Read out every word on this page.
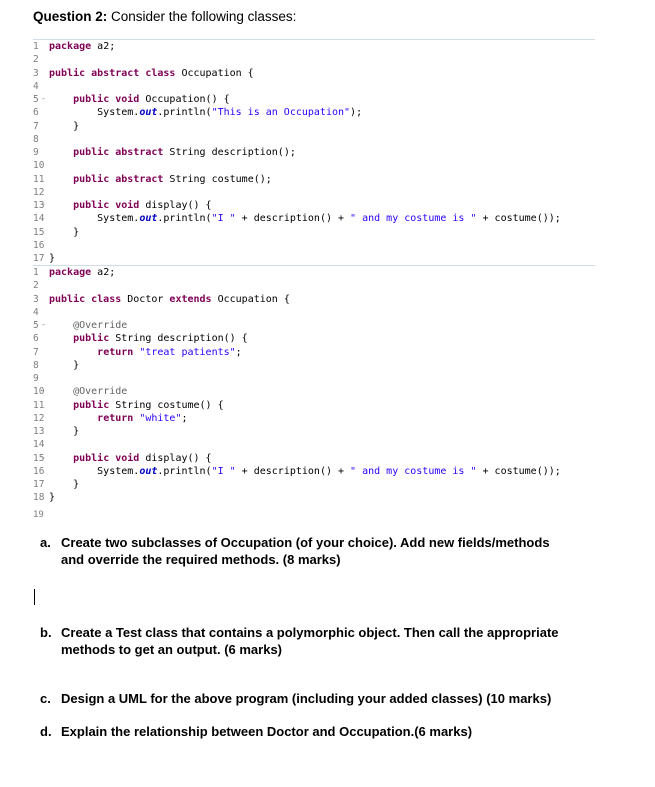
Question 2: Consider the following classes:
1	package a2;
2
3	public abstract class Occupation {
4
5 -	public void Occupation() {
6	System.out.println("This is an Occupation");
7	}
8
9	public abstract String description();
10
11	public abstract String costume();
12
13 -	public void display() {
14 System.out.println("I " + description() + " and my costume is " + costume());
15 }
16
17 }
1	package a2;
2
3	public class Doctor extends Occupation {
4
5 -	@Override
6	public String description() {
7	return "treat patients";
8	}
9
10 -	@Override
11	public String costume() {
12	return "white";
13 }
14
15 -	public void display() {
16 System.out.println("I " + description() + " and my costume is " + costume());
17 }
18 }
19
a. Create two subclasses of Occupation (of your choice). Add new fields/methods and override the required methods. (8 marks)
b. Create a Test class that contains a polymorphic object. Then call the appropriate methods to get an output. (6 marks)
c. Design a UML for the above program (including your added classes) (10 marks)
d. Explain the relationship between Doctor and Occupation.(6 marks)
